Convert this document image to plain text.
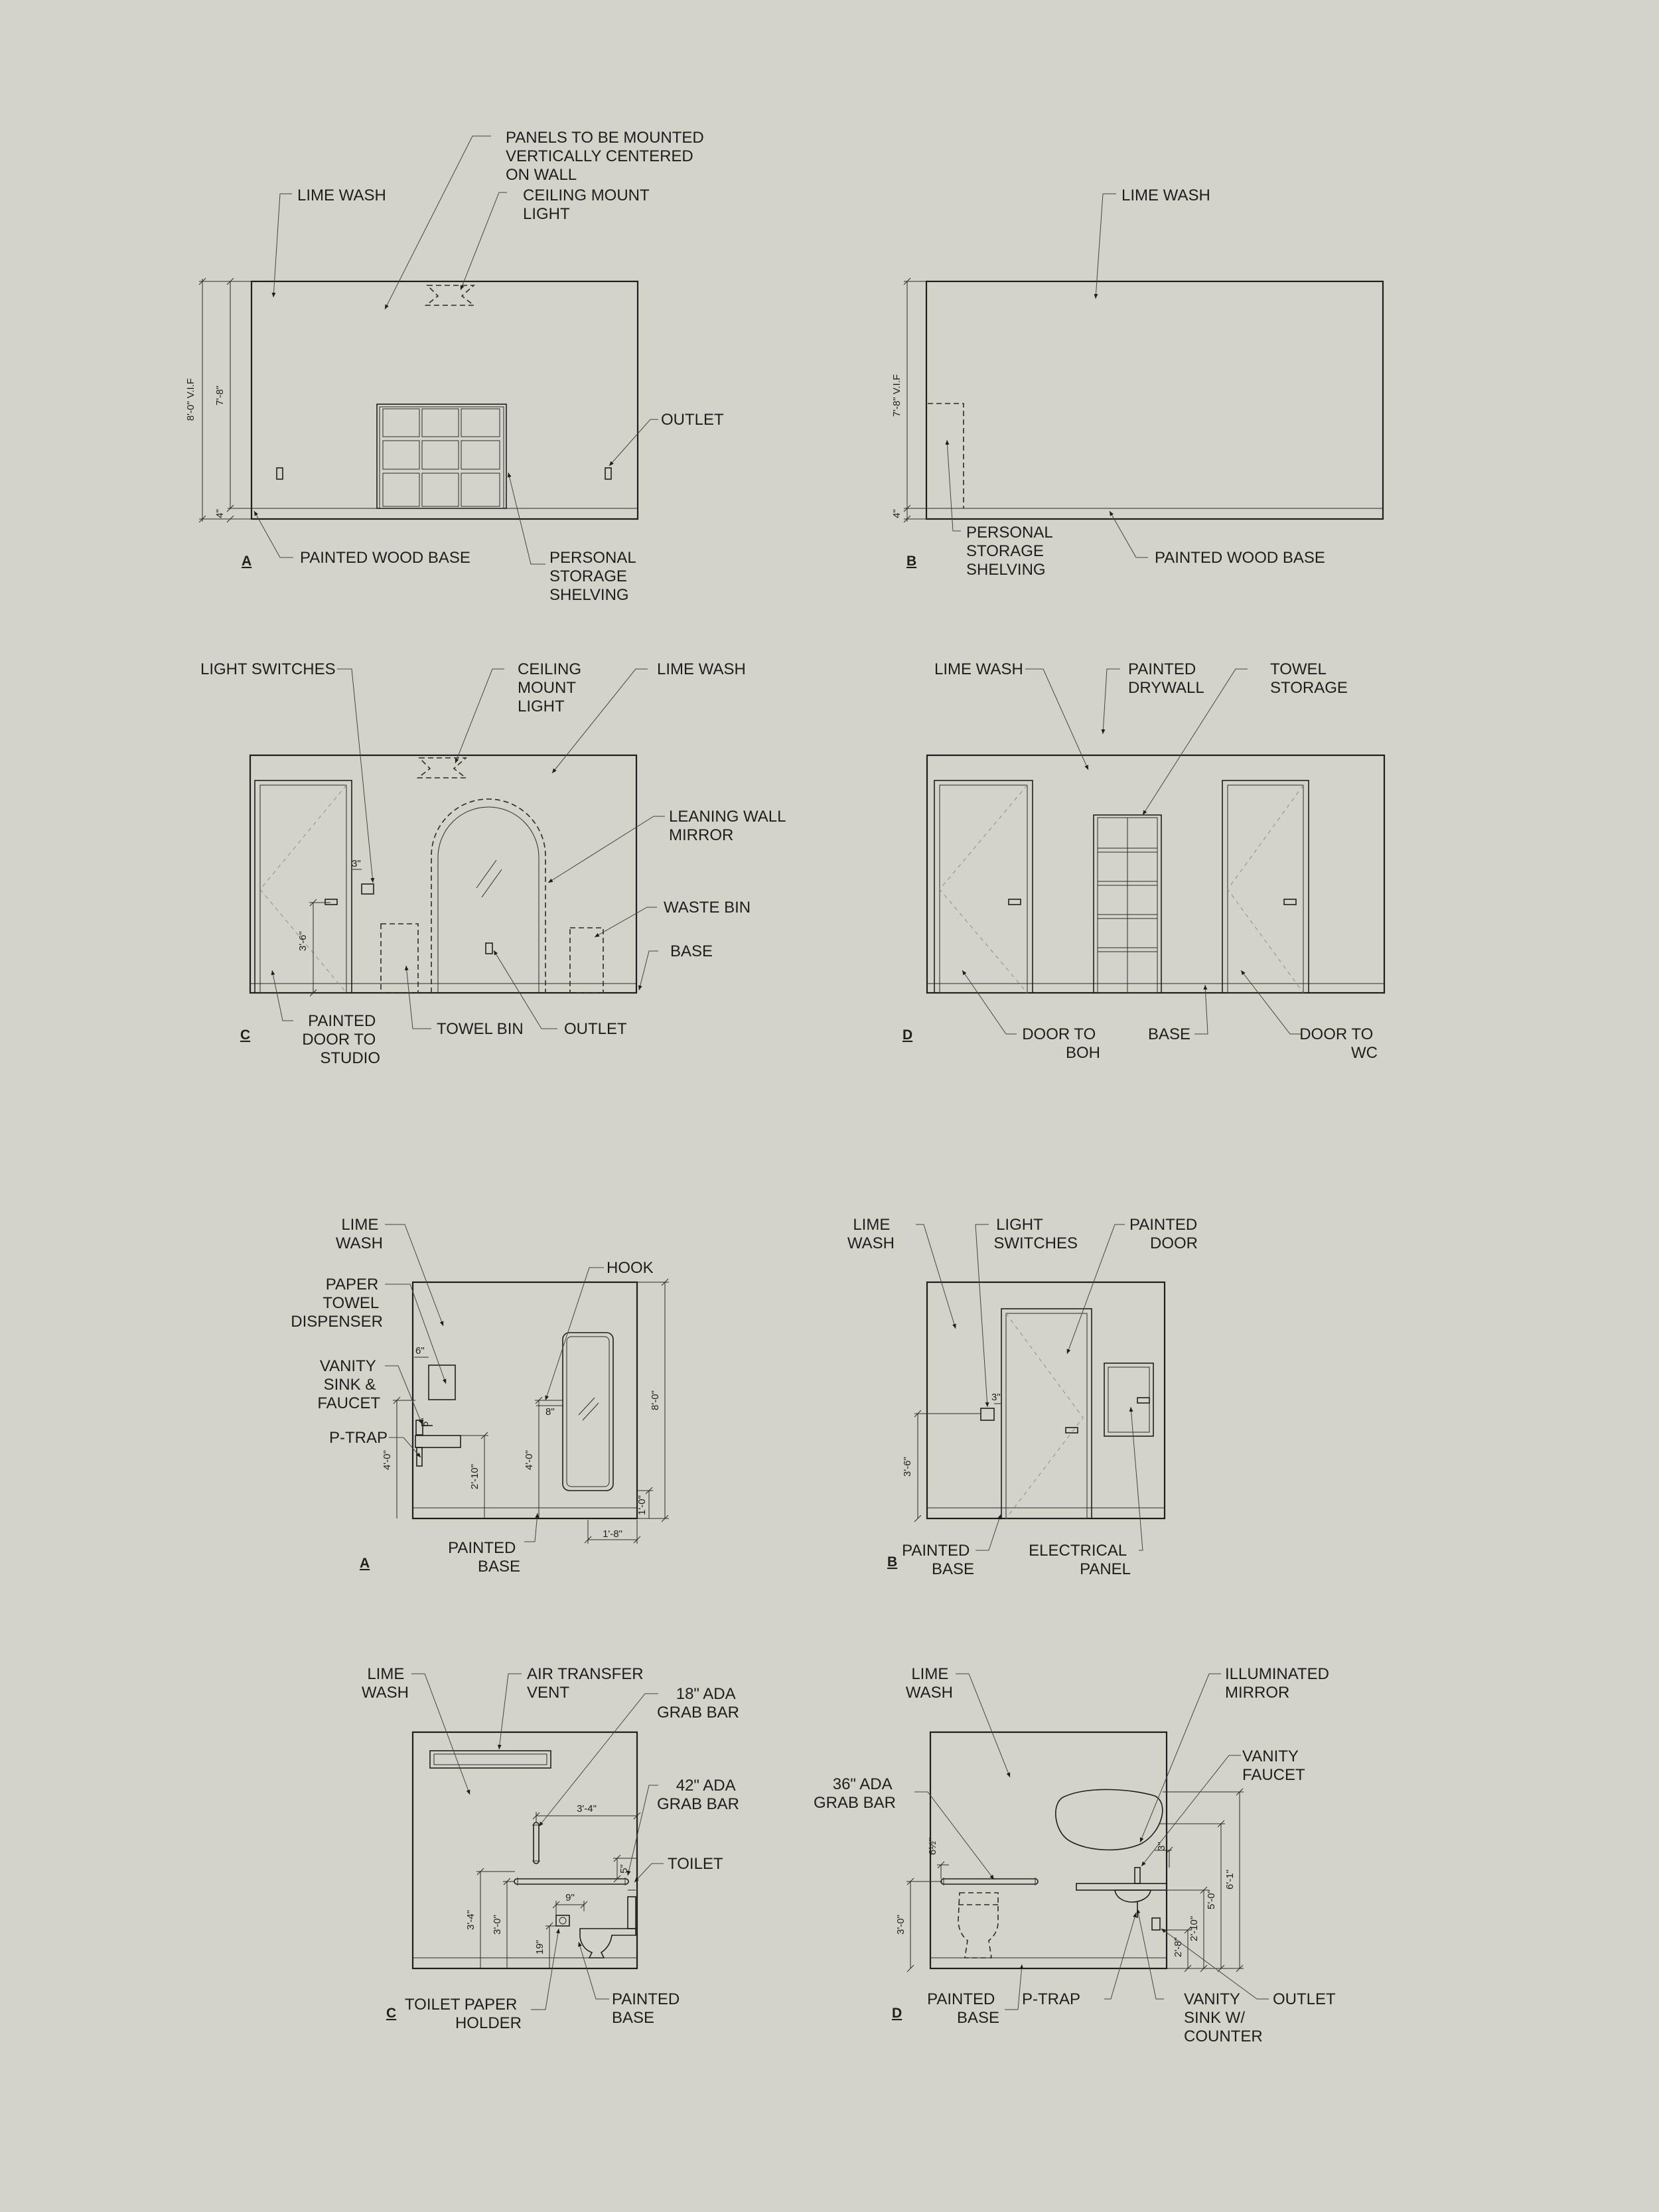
8'-0" V.I.F 7'-8"
4"
LIME WASH
PANELS TO BE MOUNTED VERTICALLY CENTERED ON WALL
CEILING MOUNT LIGHT
OUTLET
PAINTED WOOD BASE	PERSONAL STORAGE SHELVING
A
7'-8" V.I.F
4"
LIME WASH
PERSONAL STORAGE SHELVING
PAINTED WOOD BASE
B
3'-6"
3"
LIGHT SWITCHES	CEILING MOUNT LIGHT
LIME WASH
LEANING WALL MIRROR
WASTE BIN
BASE
PAINTED DOOR TO STUDIO
TOWEL BIN	OUTLET
C
LIME WASH	PAINTED DRYWALL
TOWEL STORAGE
DOOR TO BOH
BASE	DOOR TO WC
D
6"
8"
5"
4'-0"
2'-10"
4'-0"
8'-0"
1'-0"
1'-8"
LIME WASH
HOOK
PAPER TOWEL DISPENSER
VANITY SINK & FAUCET
P-TRAP
PAINTED BASE
A
3"
3'-6"
LIME WASH
LIGHT SWITCHES
PAINTED DOOR
PAINTED BASE
ELECTRICAL PANEL
B
3'-4"
5"
9"
3'-4" 3'-0"
19"
LIME WASH
AIR TRANSFER VENT	18" ADA GRAB BAR
42" ADA GRAB BAR
TOILET
TOILET PAPER HOLDER
PAINTED BASE
C
6½"	3"
3'-0"
2'-8"
2'-10"
5'-0"
6'-1"
LIME WASH
ILLUMINATED MIRROR
VANITY FAUCET
36" ADA GRAB BAR
PAINTED BASE
P-TRAP	VANITY SINK W/ COUNTER
OUTLET
D
